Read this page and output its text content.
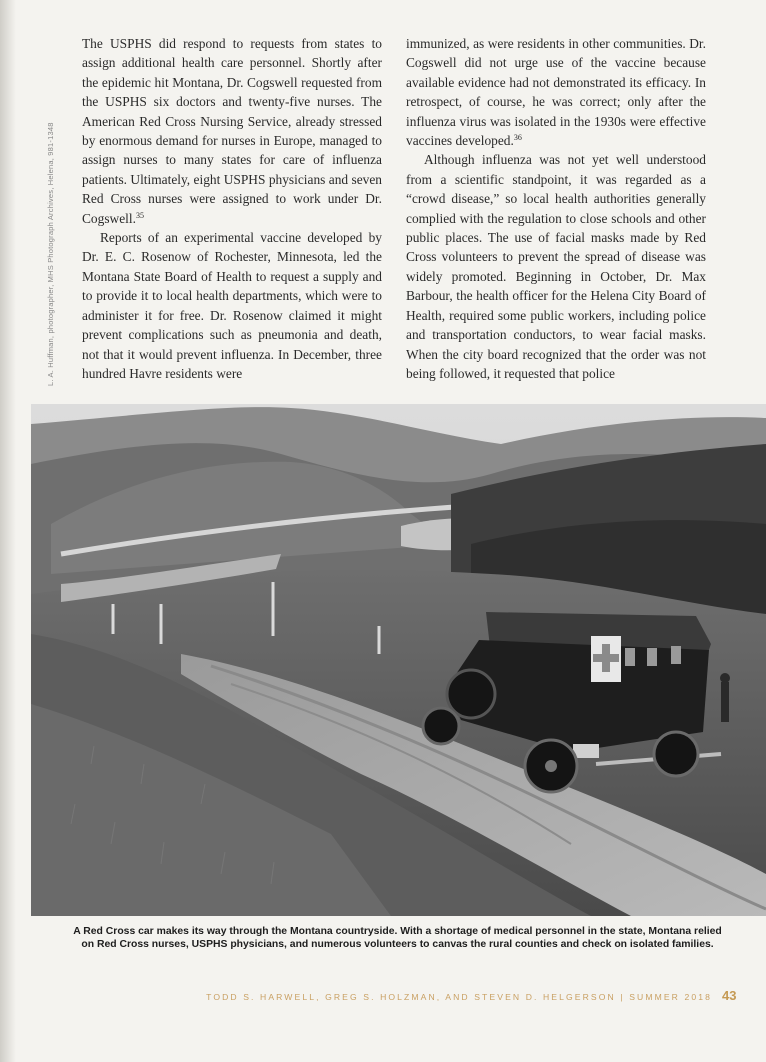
L. A. Huffman, photographer, MHS Photograph Archives, Helena, 981-1348

The USPHS did respond to requests from states to assign additional health care personnel. Shortly after the epidemic hit Montana, Dr. Cogswell requested from the USPHS six doctors and twenty-five nurses. The American Red Cross Nursing Service, already stressed by enormous demand for nurses in Europe, managed to assign nurses to many states for care of influenza patients. Ultimately, eight USPHS physicians and seven Red Cross nurses were assigned to work under Dr. Cogswell.$^{35}$

Reports of an experimental vaccine developed by Dr. E. C. Rosenow of Rochester, Minnesota, led the Montana State Board of Health to request a supply and to provide it to local health departments, which were to administer it for free. Dr. Rosenow claimed it might prevent complications such as pneumonia and death, not that it would prevent influenza. In December, three hundred Havre residents were

immunized, as were residents in other communities. Dr. Cogswell did not urge use of the vaccine because available evidence had not demonstrated its efficacy. In retrospect, of course, he was correct; only after the influenza virus was isolated in the 1930s were effective vaccines developed.$^{36}$

Although influenza was not yet well understood from a scientific standpoint, it was regarded as a “crowd disease,” so local health authorities generally complied with the regulation to close schools and other public places. The use of facial masks made by Red Cross volunteers to prevent the spread of disease was widely promoted. Beginning in October, Dr. Max Barbour, the health officer for the Helena City Board of Health, required some public workers, including police and transportation conductors, to wear facial masks. When the city board recognized that the order was not being followed, it requested that police

A Red Cross car makes its way through the Montana countryside. With a shortage of medical personnel in the state, Montana relied on Red Cross nurses, USPHS physicians, and numerous volunteers to canvas the rural counties and check on isolated families.
TODD S. HARWELL, GREG S. HOLZMAN, AND STEVEN D. HELGERSON | SUMMER 2018 43
